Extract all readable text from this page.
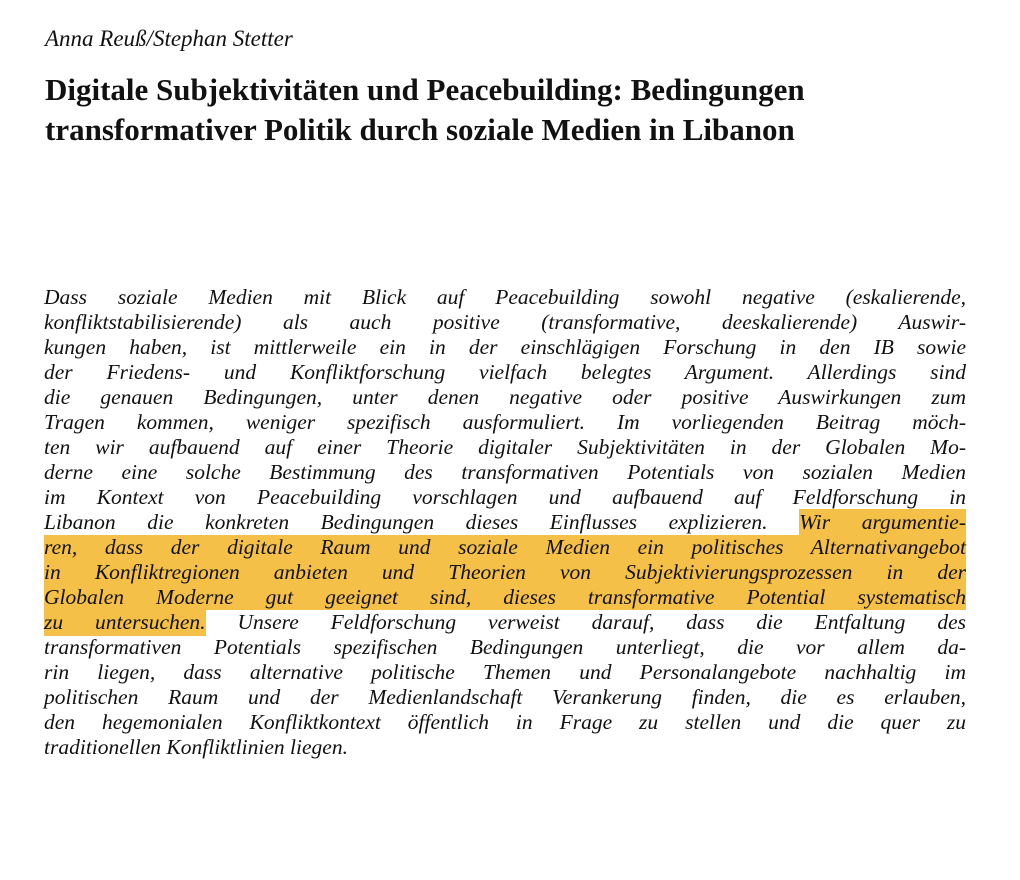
Anna Reuß/Stephan Stetter
Digitale Subjektivitäten und Peacebuilding: Bedingungen
transformativer Politik durch soziale Medien in Libanon
Dass soziale Medien mit Blick auf Peacebuilding sowohl negative (eskalierende,
konfliktstabilisierende) als auch positive (transformative, deeskalierende) Auswir-
kungen haben, ist mittlerweile ein in der einschlägigen Forschung in den IB sowie
der Friedens- und Konfliktforschung vielfach belegtes Argument. Allerdings sind
die genauen Bedingungen, unter denen negative oder positive Auswirkungen zum
Tragen kommen, weniger spezifisch ausformuliert. Im vorliegenden Beitrag möch-
ten wir aufbauend auf einer Theorie digitaler Subjektivitäten in der Globalen Mo-
derne eine solche Bestimmung des transformativen Potentials von sozialen Medien
im Kontext von Peacebuilding vorschlagen und aufbauend auf Feldforschung in
Libanon die konkreten Bedingungen dieses Einflusses explizieren. Wir argumentie-
ren, dass der digitale Raum und soziale Medien ein politisches Alternativangebot
in Konfliktregionen anbieten und Theorien von Subjektivierungsprozessen in der
Globalen Moderne gut geeignet sind, dieses transformative Potential systematisch
zu untersuchen. Unsere Feldforschung verweist darauf, dass die Entfaltung des
transformativen Potentials spezifischen Bedingungen unterliegt, die vor allem da-
rin liegen, dass alternative politische Themen und Personalangebote nachhaltig im
politischen Raum und der Medienlandschaft Verankerung finden, die es erlauben,
den hegemonialen Konfliktkontext öffentlich in Frage zu stellen und die quer zu
traditionellen Konfliktlinien liegen.
